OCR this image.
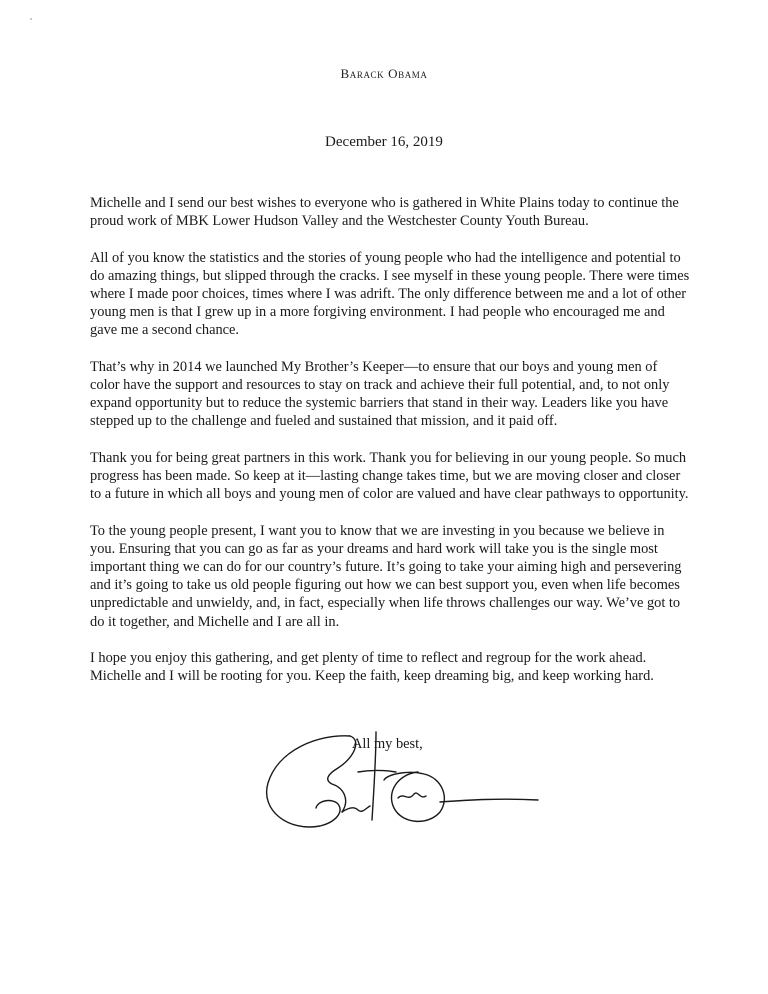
Barack Obama
December 16, 2019

Michelle and I send our best wishes to everyone who is gathered in White Plains today to continue the proud work of MBK Lower Hudson Valley and the Westchester County Youth Bureau.

All of you know the statistics and the stories of young people who had the intelligence and potential to do amazing things, but slipped through the cracks. I see myself in these young people. There were times where I made poor choices, times where I was adrift. The only difference between me and a lot of other young men is that I grew up in a more forgiving environment. I had people who encouraged me and gave me a second chance.

That’s why in 2014 we launched My Brother’s Keeper—to ensure that our boys and young men of color have the support and resources to stay on track and achieve their full potential, and, to not only expand opportunity but to reduce the systemic barriers that stand in their way. Leaders like you have stepped up to the challenge and fueled and sustained that mission, and it paid off.

Thank you for being great partners in this work. Thank you for believing in our young people. So much progress has been made. So keep at it—lasting change takes time, but we are moving closer and closer to a future in which all boys and young men of color are valued and have clear pathways to opportunity.

To the young people present, I want you to know that we are investing in you because we believe in you. Ensuring that you can go as far as your dreams and hard work will take you is the single most important thing we can do for our country’s future. It’s going to take your aiming high and persevering and it’s going to take us old people figuring out how we can best support you, even when life becomes unpredictable and unwieldy, and, in fact, especially when life throws challenges our way. We’ve got to do it together, and Michelle and I are all in.

I hope you enjoy this gathering, and get plenty of time to reflect and regroup for the work ahead. Michelle and I will be rooting for you. Keep the faith, keep dreaming big, and keep working hard.

All my best,
